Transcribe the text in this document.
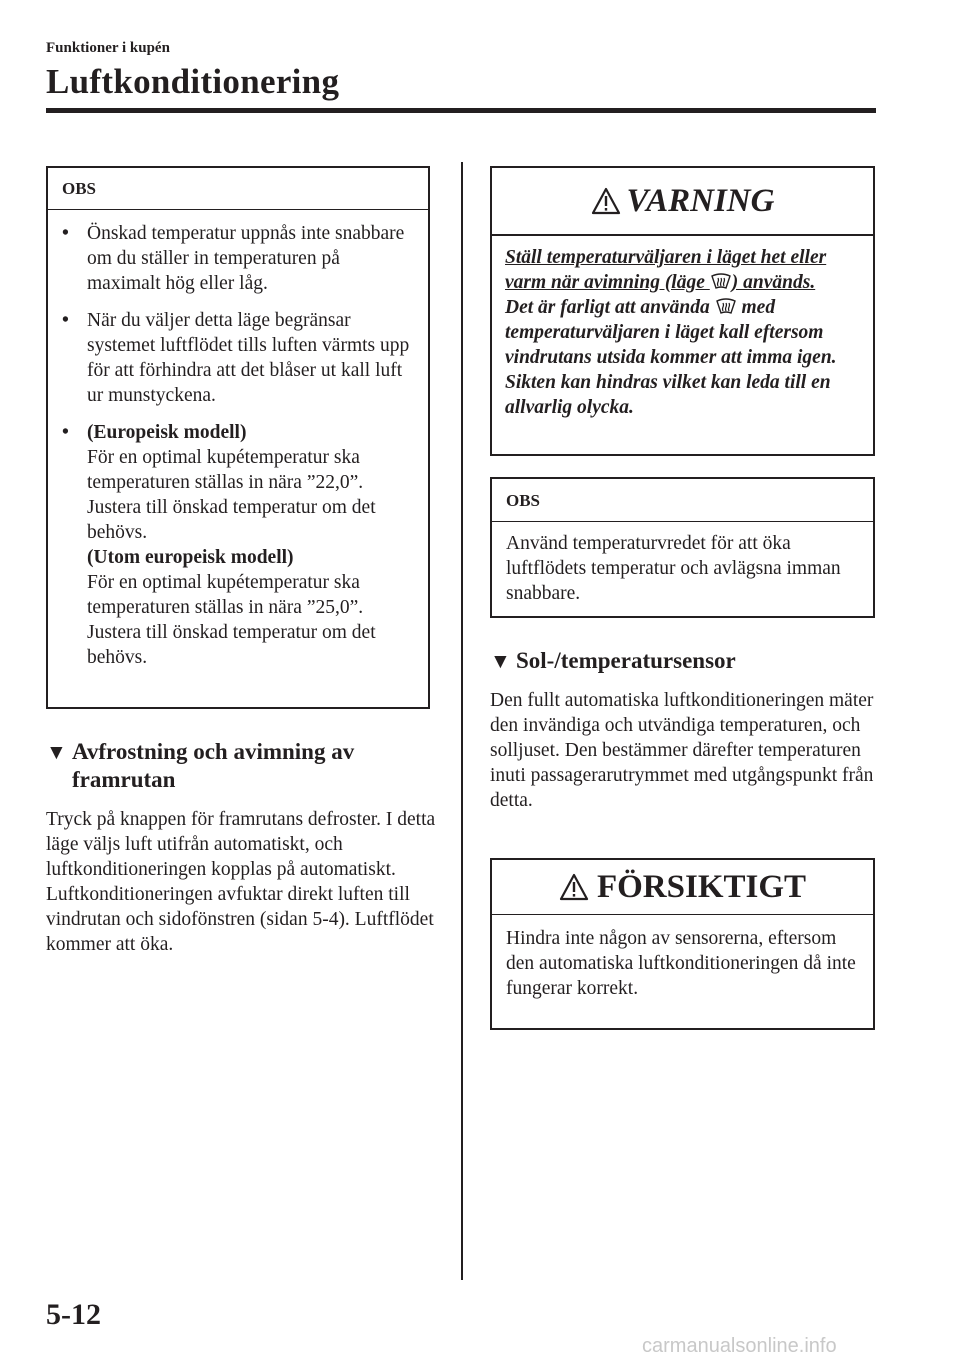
Funktioner i kupén
Luftkonditionering
OBS
• Önskad temperatur uppnås inte snabbare om du ställer in temperaturen på maximalt hög eller låg.
• När du väljer detta läge begränsar systemet luftflödet tills luften värmts upp för att förhindra att det blåser ut kall luft ur munstyckena.
• (Europeisk modell)
För en optimal kupétemperatur ska temperaturen ställas in nära ”22,0”. Justera till önskad temperatur om det behövs.
(Utom europeisk modell)
För en optimal kupétemperatur ska temperaturen ställas in nära ”25,0”. Justera till önskad temperatur om det behövs.
▼ Avfrostning och avimning av
framrutan
Tryck på knappen för framrutans defroster. I detta läge väljs luft utifrån automatiskt, och luftkonditioneringen kopplas på automatiskt. Luftkonditioneringen avfuktar direkt luften till vindrutan och sidofönstren (sidan 5-4). Luftflödet kommer att öka.
VARNING
Ställ temperaturväljaren i läget het eller varm när avimning (läge ) används.
Det är farligt att använda  med temperaturväljaren i läget kall eftersom vindrutans utsida kommer att imma igen. Sikten kan hindras vilket kan leda till en allvarlig olycka.
OBS
Använd temperaturvredet för att öka luftflödets temperatur och avlägsna imman snabbare.
▼ Sol-/temperatursensor
Den fullt automatiska luftkonditioneringen mäter den invändiga och utvändiga temperaturen, och solljuset. Den bestämmer därefter temperaturen inuti passagerarutrymmet med utgångspunkt från detta.
FÖRSIKTIGT
Hindra inte någon av sensorerna, eftersom den automatiska luftkonditioneringen då inte fungerar korrekt.
5-12
carmanualsonline.info
